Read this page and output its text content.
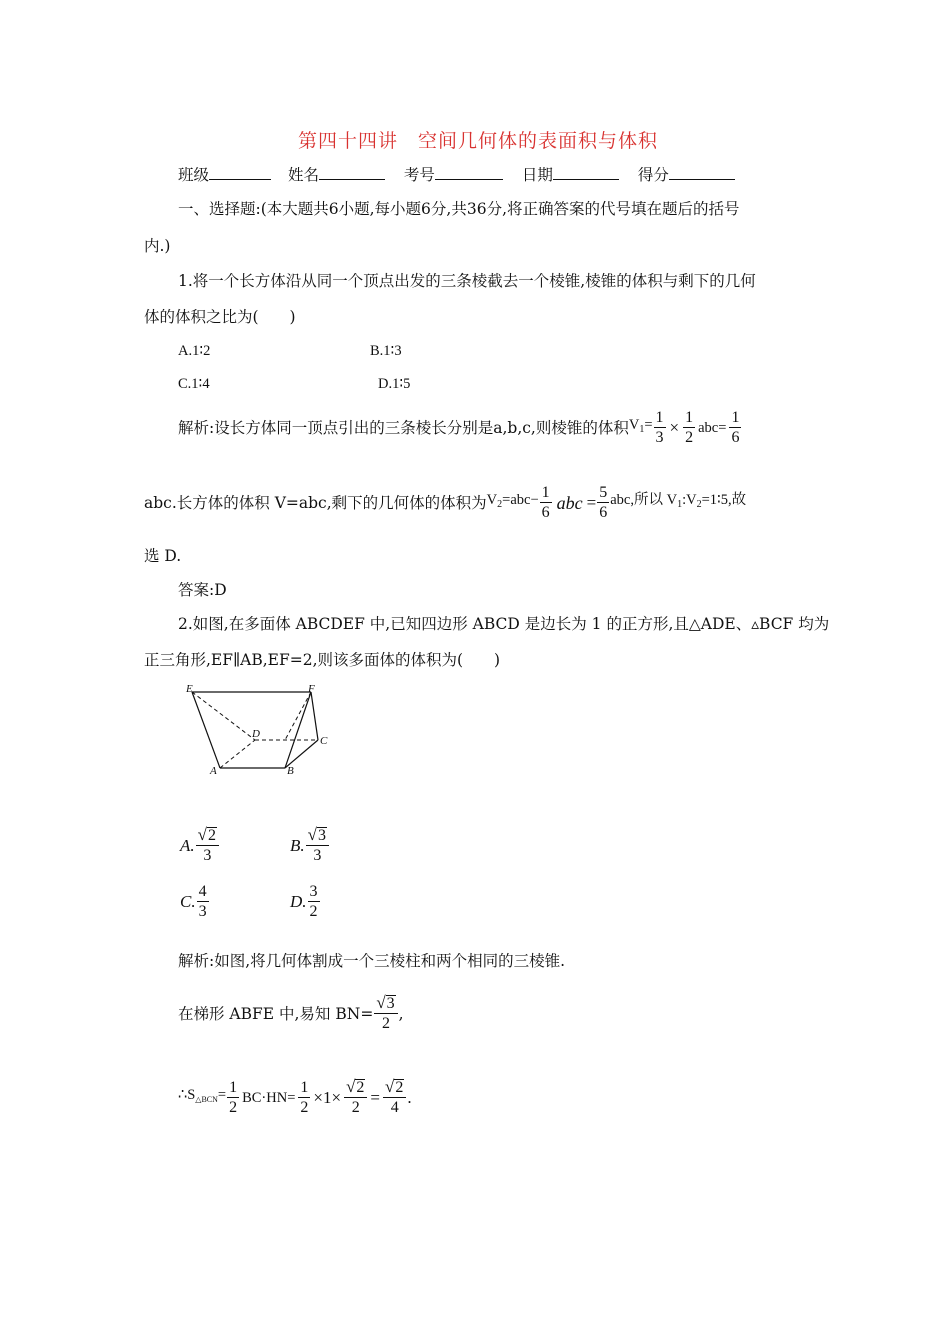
第四十四讲　空间几何体的表面积与体积
班级	姓名	考号	日期	得分
一、选择题:(本大题共6小题,每小题6分,共36分,将正确答案的代号填在题后的括号
内.)
1.将一个长方体沿从同一个顶点出发的三条棱截去一个棱锥,棱锥的体积与剩下的几何
体的体积之比为(　　)
A.1∶2	B.1∶3
C.1∶4	D.1∶5
解析:设长方体同一顶点引出的三条棱长分别是a,b,c,则棱锥的体积 $V_1= \frac{1}{3} \times \frac{1}{2} abc= \frac{1}{6}$
abc.长方体的体积 V=abc,剩下的几何体的体积为 $V_2=abc- \frac{1}{6}$ abc = $\frac{5}{6}$ abc,所以 $V_1:V_2=1∶5$,故
选 D.
答案:D
2.如图,在多面体 ABCDEF 中,已知四边形 ABCD 是边长为 1 的正方形,且△ADE、▵BCF 均为
正三角形,EF∥AB,EF=2,则该多面体的体积为(　　)
E	F
D
C
A	B
A. $\frac{√ 2}{3}$	B. $\frac{√ 3}{3}$
C. $\frac{4}{3}$	D. $\frac{3}{2}$
解析:如图,将几何体割成一个三棱柱和两个相同的三棱锥.
在梯形 ABFE 中,易知 $BN= \frac{√ 3}{2}$ ,
$\therefore S_{\triangle BCN}= \frac{1}{2} BC\cdot HN= \frac{1}{2} \times 1\times \frac{√ 2}{2} = \frac{√ 2}{4}$ .
